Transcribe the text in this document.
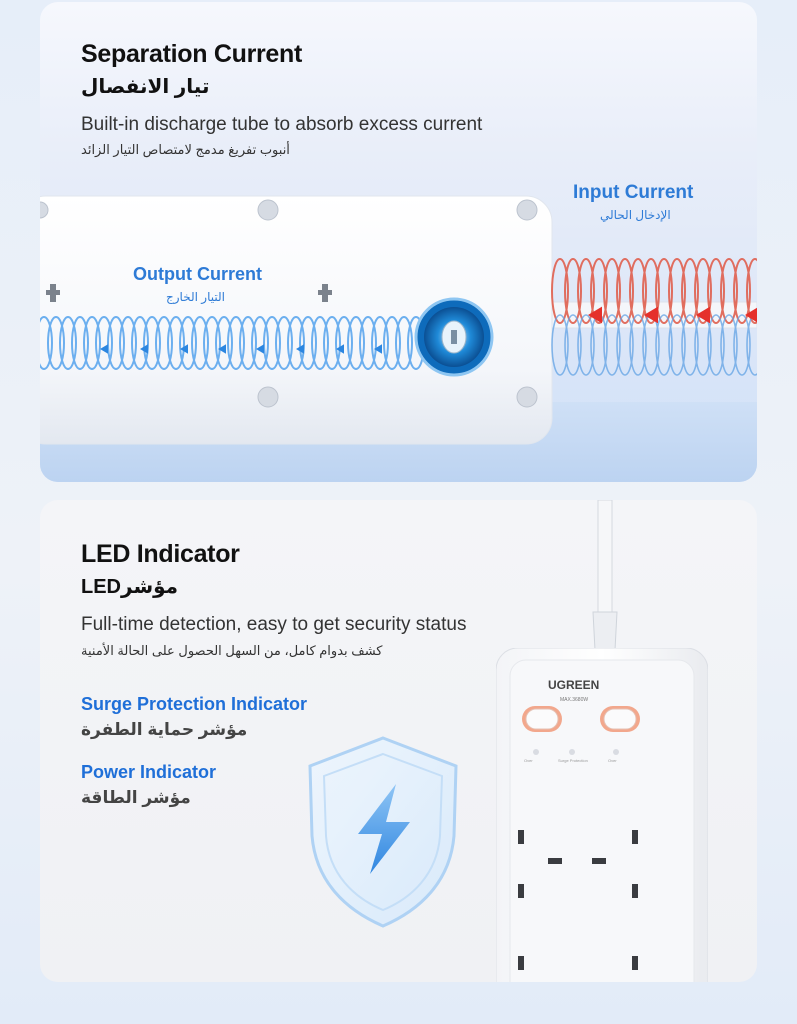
Separation Current
تيار الانفصال
Built-in discharge tube to absorb excess current
أنبوب تفريغ مدمج لامتصاص التيار الزائد
Input Current
الإدخال الحالي
Output Current
التيار الخارج
LED Indicator
مؤشرLED
Full-time detection, easy to get security status
كشف بدوام كامل، من السهل الحصول على الحالة الأمنية
Surge Protection Indicator
مؤشر حماية الطفرة
Power Indicator
مؤشر الطاقة
UGREEN
MAX.3680W
Over	Surge Protection	Over
